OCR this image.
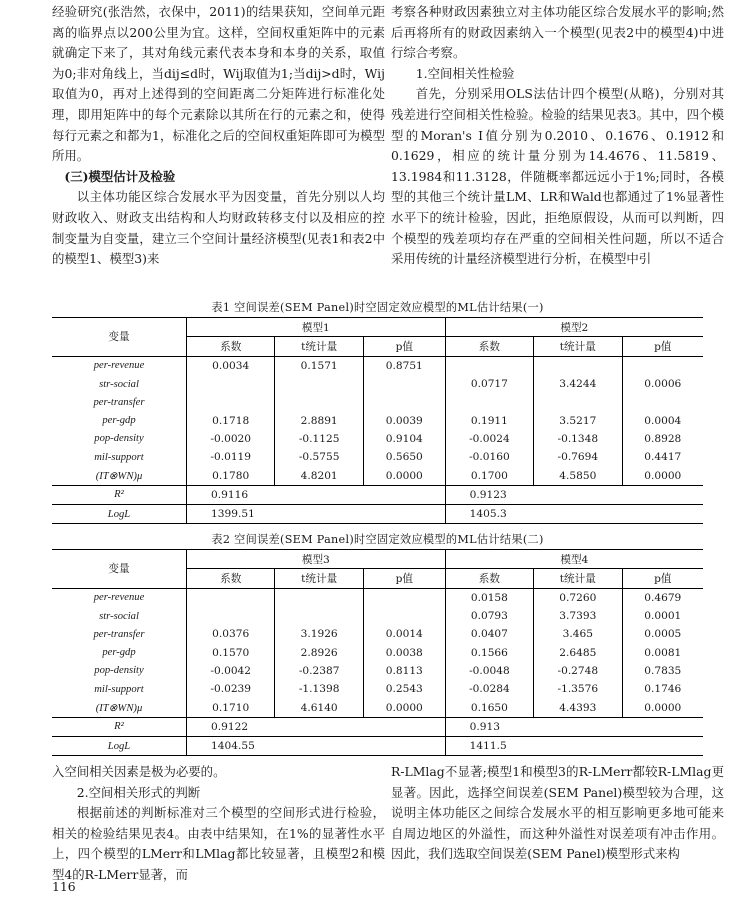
经验研究(张浩然，衣保中，2011)的结果获知，空间单元距离的临界点以200公里为宜。这样，空间权重矩阵中的元素就确定下来了，其对角线元素代表本身和本身的关系，取值为0;非对角线上，当dij≤d时，Wij取值为1;当dij>d时，Wij取值为0，再对上述得到的空间距离二分矩阵进行标准化处理，即用矩阵中的每个元素除以其所在行的元素之和，使得每行元素之和都为1，标准化之后的空间权重矩阵即可为模型所用。

(三)模型估计及检验

以主体功能区综合发展水平为因变量，首先分别以人均财政收入、财政支出结构和人均财政转移支付以及相应的控制变量为自变量，建立三个空间计量经济模型(见表1和表2中的模型1、模型3)来

考察各种财政因素独立对主体功能区综合发展水平的影响;然后再将所有的财政因素纳入一个模型(见表2中的模型4)中进行综合考察。

1.空间相关性检验

首先，分别采用OLS法估计四个模型(从略)，分别对其残差进行空间相关性检验。检验的结果见表3。其中，四个模型的Moran's I值分别为0.2010、0.1676、0.1912和0.1629，相应的统计量分别为14.4676、11.5819、13.1984和11.3128，伴随概率都远远小于1%;同时，各模型的其他三个统计量LM、LR和Wald也都通过了1%显著性水平下的统计检验，因此，拒绝原假设，从而可以判断，四个模型的残差项均存在严重的空间相关性问题，所以不适合采用传统的计量经济模型进行分析，在模型中引

表1 空间误差(SEM Panel)时空固定效应模型的ML估计结果(一)
变量	模型1			模型2		
	系数	t统计量	p值	系数	t统计量	p值
per-revenue	0.0034	0.1571	0.8751			
str-social				0.0717	3.4244	0.0006
per-transfer						
per-gdp	0.1718	2.8891	0.0039	0.1911	3.5217	0.0004
pop-density	-0.0020	-0.1125	0.9104	-0.0024	-0.1348	0.8928
mil-support	-0.0119	-0.5755	0.5650	-0.0160	-0.7694	0.4417
(IT⊗WN)μ	0.1780	4.8201	0.0000	0.1700	4.5850	0.0000
R²	0.9116			0.9123		
LogL	1399.51			1405.3		
表2 空间误差(SEM Panel)时空固定效应模型的ML估计结果(二)
变量	模型3			模型4		
	系数	t统计量	p值	系数	t统计量	p值
per-revenue				0.0158	0.7260	0.4679
str-social				0.0793	3.7393	0.0001
per-transfer	0.0376	3.1926	0.0014	0.0407	3.465	0.0005
per-gdp	0.1570	2.8926	0.0038	0.1566	2.6485	0.0081
pop-density	-0.0042	-0.2387	0.8113	-0.0048	-0.2748	0.7835
mil-support	-0.0239	-1.1398	0.2543	-0.0284	-1.3576	0.1746
(IT⊗WN)μ	0.1710	4.6140	0.0000	0.1650	4.4393	0.0000
R²	0.9122			0.913		
LogL	1404.55			1411.5		

入空间相关因素是极为必要的。

2.空间相关形式的判断

根据前述的判断标准对三个模型的空间形式进行检验，相关的检验结果见表4。由表中结果知，在1%的显著性水平上，四个模型的LMerr和LMlag都比较显著，且模型2和模型4的R-LMerr显著，而

R-LMlag不显著;模型1和模型3的R-LMerr都较R-LMlag更显著。因此，选择空间误差(SEM Panel)模型较为合理，这说明主体功能区之间综合发展水平的相互影响更多地可能来自周边地区的外溢性，而这种外溢性对误差项有冲击作用。因此，我们选取空间误差(SEM Panel)模型形式来构

116
